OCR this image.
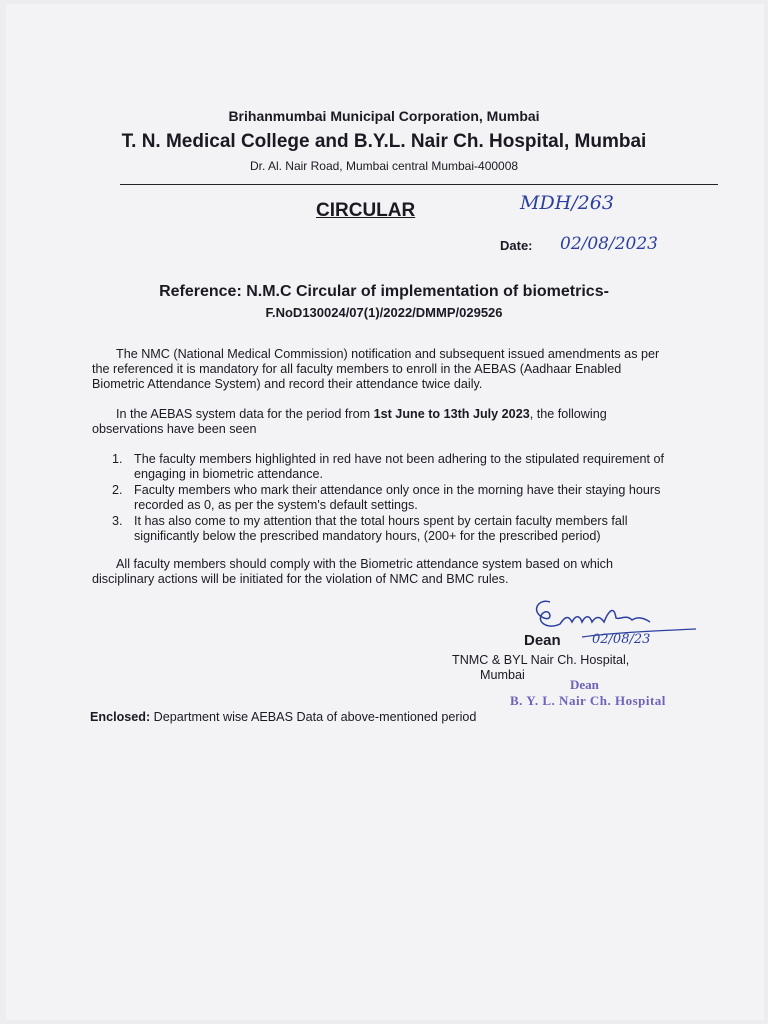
Brihanmumbai Municipal Corporation, Mumbai
T. N. Medical College and B.Y.L. Nair Ch. Hospital, Mumbai
Dr. Al. Nair Road, Mumbai central Mumbai-400008
CIRCULAR	MDH/263
Date: 02/08/2023
Reference: N.M.C Circular of implementation of biometrics-
F.NoD130024/07(1)/2022/DMMP/029526
The NMC (National Medical Commission) notification and subsequent issued amendments as per the referenced it is mandatory for all faculty members to enroll in the AEBAS (Aadhaar Enabled Biometric Attendance System) and record their attendance twice daily.
In the AEBAS system data for the period from 1st June to 13th July 2023, the following observations have been seen
1. The faculty members highlighted in red have not been adhering to the stipulated requirement of engaging in biometric attendance.
2. Faculty members who mark their attendance only once in the morning have their staying hours recorded as 0, as per the system's default settings.
3. It has also come to my attention that the total hours spent by certain faculty members fall significantly below the prescribed mandatory hours, (200+ for the prescribed period)
All faculty members should comply with the Biometric attendance system based on which disciplinary actions will be initiated for the violation of NMC and BMC rules.
Dean 02/08/23
TNMC & BYL Nair Ch. Hospital,
Mumbai
Dean
B. Y. L. Nair Ch. Hospital
Enclosed: Department wise AEBAS Data of above-mentioned period
